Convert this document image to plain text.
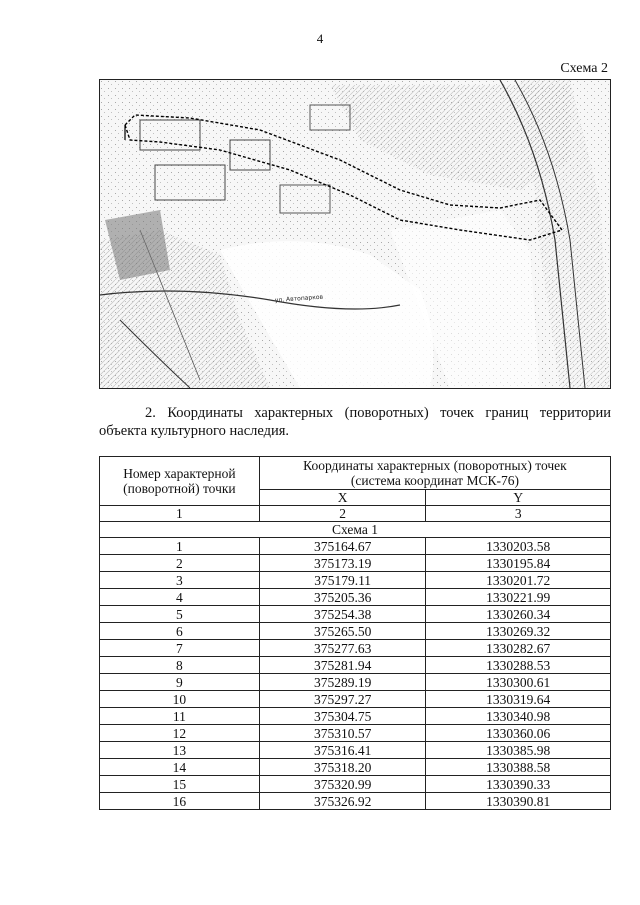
4
Схема 2
ул. Автопарков
2. Координаты характерных (поворотных) точек границ территории
объекта культурного наследия.
Номер характерной (поворотной) точки	Координаты характерных (поворотных) точек (система координат МСК-76)	
	X	Y
1	2	3
Схема 1		
1	375164.67	1330203.58
2	375173.19	1330195.84
3	375179.11	1330201.72
4	375205.36	1330221.99
5	375254.38	1330260.34
6	375265.50	1330269.32
7	375277.63	1330282.67
8	375281.94	1330288.53
9	375289.19	1330300.61
10	375297.27	1330319.64
11	375304.75	1330340.98
12	375310.57	1330360.06
13	375316.41	1330385.98
14	375318.20	1330388.58
15	375320.99	1330390.33
16	375326.92	1330390.81
